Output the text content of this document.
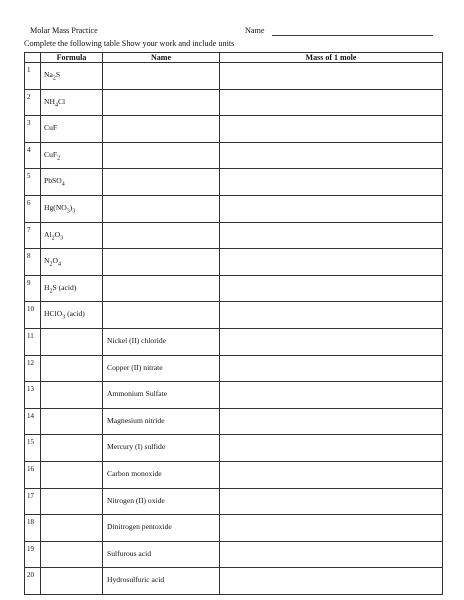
Molar Mass Practice	Name
Complete the following table Show your work and include units
	Formula	Name	Mass of 1 mole

1	$Na_2S$		

2	$NH_4Cl$		

3	CuF		

4	CuF$_2$

5	PbSO$_4$

6	$Hg(NO_3)_3$

7	$Al_2O_3$

8	$N_2O_4$

9	$H_2S$ (acid)		

10	HClO$_3$ (acid)		

11		Nickel (II) chloride	

12		Copper (II) nitrate	

13		Ammonium Sulfate	

14		Magnesium nitride	

15		Mercury (I) sulfide	

16		Carbon monoxide	

17		Nitrogen (II) oxide	

18		Dinitrogen pentoxide	

19		Sulfurous acid	

20		Hydrosulfuric acid	
